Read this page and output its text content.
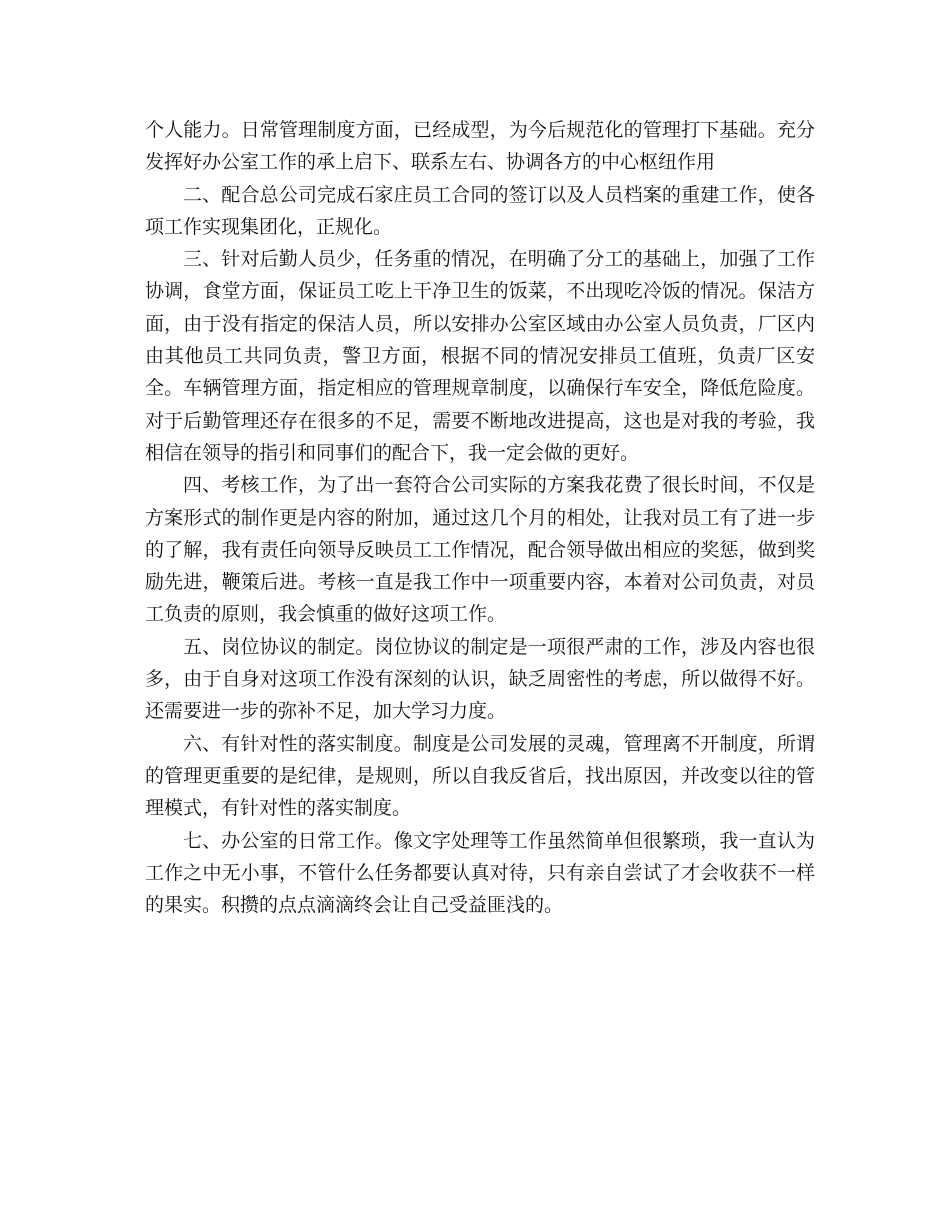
个人能力。日常管理制度方面，已经成型，为今后规范化的管理打下基础。充分发挥好办公室工作的承上启下、联系左右、协调各方的中心枢纽作用

二、配合总公司完成石家庄员工合同的签订以及人员档案的重建工作，使各项工作实现集团化，正规化。

三、针对后勤人员少，任务重的情况，在明确了分工的基础上，加强了工作协调，食堂方面，保证员工吃上干净卫生的饭菜，不出现吃冷饭的情况。保洁方面，由于没有指定的保洁人员，所以安排办公室区域由办公室人员负责，厂区内由其他员工共同负责，警卫方面，根据不同的情况安排员工值班，负责厂区安全。车辆管理方面，指定相应的管理规章制度，以确保行车安全，降低危险度。对于后勤管理还存在很多的不足，需要不断地改进提高，这也是对我的考验，我相信在领导的指引和同事们的配合下，我一定会做的更好。

四、考核工作，为了出一套符合公司实际的方案我花费了很长时间，不仅是方案形式的制作更是内容的附加，通过这几个月的相处，让我对员工有了进一步的了解，我有责任向领导反映员工工作情况，配合领导做出相应的奖惩，做到奖励先进，鞭策后进。考核一直是我工作中一项重要内容，本着对公司负责，对员工负责的原则，我会慎重的做好这项工作。

五、岗位协议的制定。岗位协议的制定是一项很严肃的工作，涉及内容也很多，由于自身对这项工作没有深刻的认识，缺乏周密性的考虑，所以做得不好。还需要进一步的弥补不足，加大学习力度。

六、有针对性的落实制度。制度是公司发展的灵魂，管理离不开制度，所谓的管理更重要的是纪律，是规则，所以自我反省后，找出原因，并改变以往的管理模式，有针对性的落实制度。

七、办公室的日常工作。像文字处理等工作虽然简单但很繁琐，我一直认为工作之中无小事，不管什么任务都要认真对待，只有亲自尝试了才会收获不一样的果实。积攒的点点滴滴终会让自己受益匪浅的。
